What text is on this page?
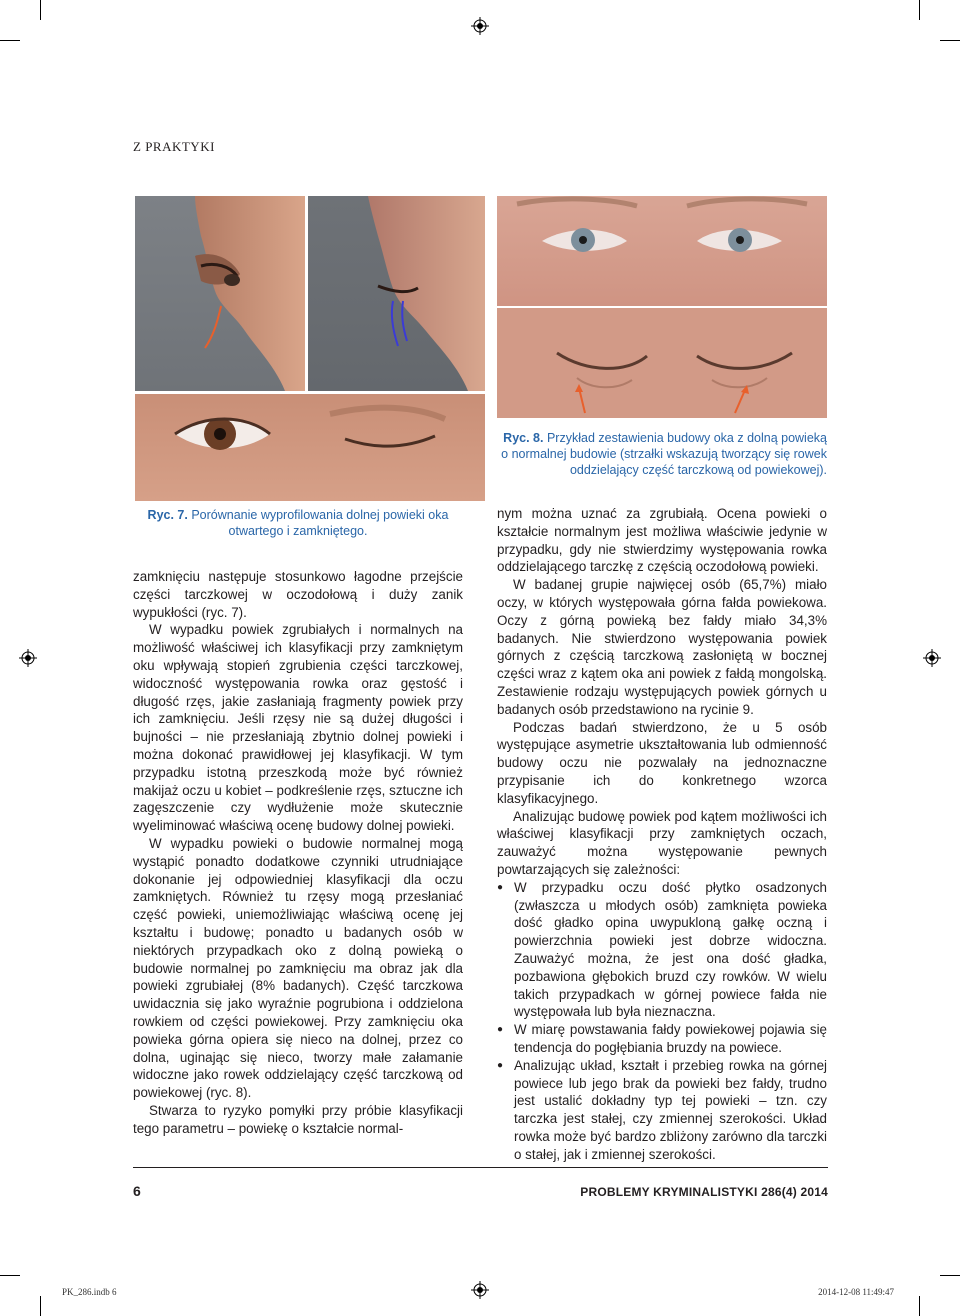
Z PRAKTYKI
Ryc. 8. Przykład zestawienia budowy oka z dolną powieką o normalnej budowie (strzałki wskazują tworzący się rowek oddzielający część tarczkową od powiekowej).
Ryc. 7. Porównanie wyprofilowania dolnej powieki oka otwartego i zamkniętego.

zamknięciu następuje stosunkowo łagodne przejście części tarczkowej w oczodołową i duży zanik wypukłości (ryc. 7).

W wypadku powiek zgrubiałych i normalnych na możliwość właściwej ich klasyfikacji przy zamkniętym oku wpływają stopień zgrubienia części tarczkowej, widoczność występowania rowka oraz gęstość i długość rzęs, jakie zasłaniają fragmenty powiek przy ich zamknięciu. Jeśli rzęsy nie są dużej długości i bujności – nie przesłaniają zbytnio dolnej powieki i można dokonać prawidłowej jej klasyfikacji. W tym przypadku istotną przeszkodą może być również makijaż oczu u kobiet – podkreślenie rzęs, sztuczne ich zagęszczenie czy wydłużenie może skutecznie wyeliminować właściwą ocenę budowy dolnej powieki.

W wypadku powieki o budowie normalnej mogą wystąpić ponadto dodatkowe czynniki utrudniające dokonanie jej odpowiedniej klasyfikacji dla oczu zamkniętych. Również tu rzęsy mogą przesłaniać część powieki, uniemożliwiając właściwą ocenę jej kształtu i budowę; ponadto u badanych osób w niektórych przypadkach oko z dolną powieką o budowie normalnej po zamknięciu ma obraz jak dla powieki zgrubiałej (8% badanych). Część tarczkowa uwidacznia się jako wyraźnie pogrubiona i oddzielona rowkiem od części powiekowej. Przy zamknięciu oka powieka górna opiera się nieco na dolnej, przez co dolna, uginając się nieco, tworzy małe załamanie widoczne jako rowek oddzielający część tarczkową od powiekowej (ryc. 8).

Stwarza to ryzyko pomyłki przy próbie klasyfikacji tego parametru – powiekę o kształcie normal-

nym można uznać za zgrubiałą. Ocena powieki o kształcie normalnym jest możliwa właściwie jedynie w przypadku, gdy nie stwierdzimy występowania rowka oddzielającego tarczkę z częścią oczodołową powieki.

W badanej grupie najwięcej osób (65,7%) miało oczy, w których występowała górna fałda powiekowa. Oczy z górną powieką bez fałdy miało 34,3% badanych. Nie stwierdzono występowania powiek górnych z częścią tarczkową zasłoniętą w bocznej części wraz z kątem oka ani powiek z fałdą mongolską. Zestawienie rodzaju występujących powiek górnych u badanych osób przedstawiono na rycinie 9.

Podczas badań stwierdzono, że u 5 osób występujące asymetrie ukształtowania lub odmienność budowy oczu nie pozwalały na jednoznaczne przypisanie ich do konkretnego wzorca klasyfikacyjnego.

Analizując budowę powiek pod kątem możliwości ich właściwej klasyfikacji przy zamkniętych oczach, zauważyć można występowanie pewnych powtarzających się zależności:

● W przypadku oczu dość płytko osadzonych (zwłaszcza u młodych osób) zamknięta powieka dość gładko opina uwypukloną gałkę oczną i powierzchnia powieki jest dobrze widoczna. Zauważyć można, że jest ona dość gładka, pozbawiona głębokich bruzd czy rowków. W wielu takich przypadkach w górnej powiece fałda nie występowała lub była nieznaczna.
● W miarę powstawania fałdy powiekowej pojawia się tendencja do pogłębiania bruzdy na powiece.
● Analizując układ, kształt i przebieg rowka na górnej powiece lub jego brak da powieki bez fałdy, trudno jest ustalić dokładny typ tej powieki – tzn. czy tarczka jest stałej, czy zmiennej szerokości. Układ rowka może być bardzo zbliżony zarówno dla tarczki o stałej, jak i zmiennej szerokości.
6	PROBLEMY KRYMINALISTYKI 286(4) 2014
PK_286.indb 6	2014-12-08 11:49:47
